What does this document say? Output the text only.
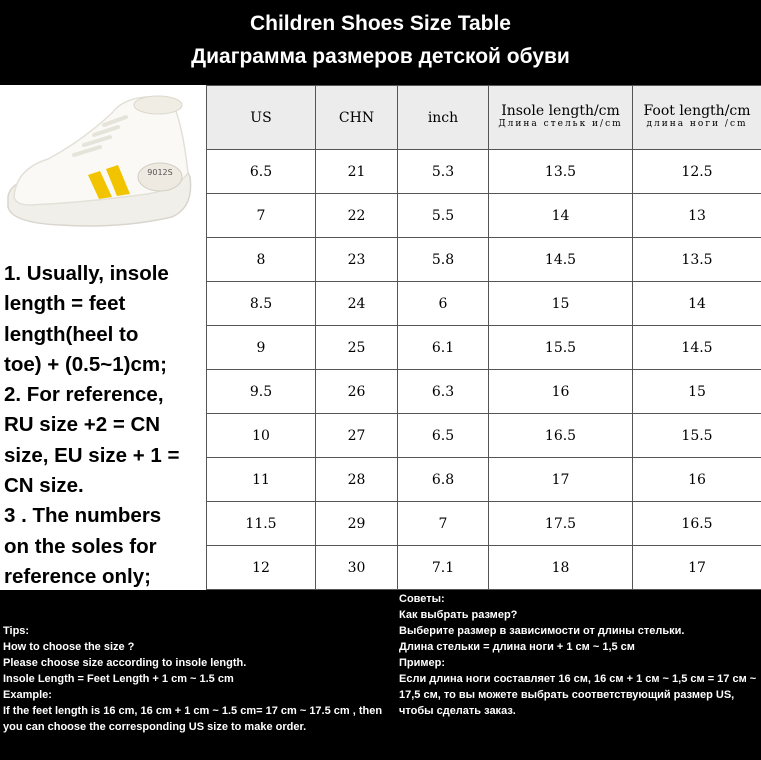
Children Shoes Size Table
Диаграмма размеров детской обуви
9012S

1. Usually, insole

length = feet

length(heel to

toe) + (0.5~1)cm;

2. For reference,

RU size +2 = CN

size, EU size + 1 =

CN size.

3 . The numbers

on the soles for

reference only;

US	CHN	inch	Insole length/cm
Длина стельк и/cm	Foot length/cm
длина ноги /cm

6.5	21	5.3	13.5	12.5
7	22	5.5	14	13
8	23	5.8	14.5	13.5
8.5	24	6	15	14
9	25	6.1	15.5	14.5
9.5	26	6.3	16	15
10	27	6.5	16.5	15.5
11	28	6.8	17	16
11.5	29	7	17.5	16.5
12	30	7.1	18	17

Советы:

Как выбрать размер?

Выберите размер в зависимости от длины стельки.

Длина стельки = длина ноги + 1 см ~ 1,5 см

Пример:

Если длина ноги составляет 16 см, 16 см + 1 см ~ 1,5 см = 17 см ~ 17,5 см, то вы можете выбрать соответствующий размер US, чтобы сделать заказ.

Tips:

How to choose the size ?

Please choose size according to insole length.

Insole Length = Feet Length + 1 cm ~ 1.5 cm

Example:

If the feet length is 16 cm, 16 cm + 1 cm ~ 1.5 cm= 17 cm ~ 17.5 cm , then you can choose the corresponding US size to make order.
